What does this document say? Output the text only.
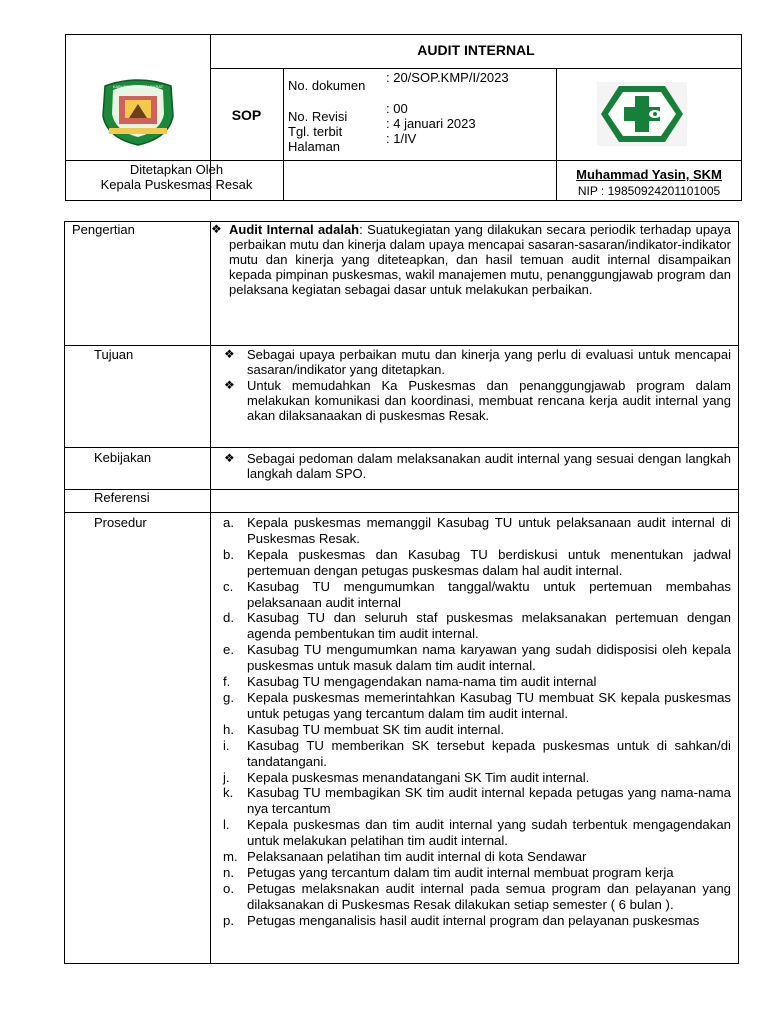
AUDIT INTERNAL
KABUPATEN KUTAI BARAT
SOP
No. dokumen
: 20/SOP.KMP/I/2023
No. Revisi
: 00
Tgl. terbit
: 4 januari 2023
Halaman
: 1/IV
Ditetapkan Oleh
Kepala Puskesmas Resak
Muhammad Yasin, SKM
NIP : 19850924201101005
Pengertian	❖ Audit Internal adalah: Suatukegiatan yang dilakukan secara periodik terhadap upaya perbaikan mutu dan kinerja dalam upaya mencapai sasaran-sasaran/indikator-indikator mutu dan kinerja yang diteteapkan, dan hasil temuan audit internal disampaikan kepada pimpinan puskesmas, wakil manajemen mutu, penanggungjawab program dan pelaksana kegiatan sebagai dasar untuk melakukan perbaikan.
Tujuan	❖ Sebagai upaya perbaikan mutu dan kinerja yang perlu di evaluasi untuk mencapai sasaran/indikator yang ditetapkan.
❖ Untuk memudahkan Ka Puskesmas dan penanggungjawab program dalam melakukan komunikasi dan koordinasi, membuat rencana kerja audit internal yang akan dilaksanaakan di puskesmas Resak.
Kebijakan	❖ Sebagai pedoman dalam melaksanakan audit internal yang sesuai dengan langkah langkah dalam SPO.
Referensi
Prosedur	a. Kepala puskesmas memanggil Kasubag TU untuk pelaksanaan audit internal di Puskesmas Resak.
b. Kepala puskesmas dan Kasubag TU berdiskusi untuk menentukan jadwal pertemuan dengan petugas puskesmas dalam hal audit internal.
c. Kasubag TU mengumumkan tanggal/waktu untuk pertemuan membahas pelaksanaan audit internal
d. Kasubag TU dan seluruh staf puskesmas melaksanakan pertemuan dengan agenda pembentukan tim audit internal.
e. Kasubag TU mengumumkan nama karyawan yang sudah didisposisi oleh kepala puskesmas untuk masuk dalam tim audit internal.
f. Kasubag TU mengagendakan nama-nama tim audit internal
g. Kepala puskesmas memerintahkan Kasubag TU membuat SK kepala puskesmas untuk petugas yang tercantum dalam tim audit internal.
h. Kasubag TU membuat SK tim audit internal.
i. Kasubag TU memberikan SK tersebut kepada puskesmas untuk di sahkan/di tandatangani.
j. Kepala puskesmas menandatangani SK Tim audit internal.
k. Kasubag TU membagikan SK tim audit internal kepada petugas yang nama-nama nya tercantum
l. Kepala puskesmas dan tim audit internal yang sudah terbentuk mengagendakan untuk melakukan pelatihan tim audit internal.
m. Pelaksanaan pelatihan tim audit internal di kota Sendawar
n. Petugas yang tercantum dalam tim audit internal membuat program kerja
o. Petugas melaksnakan audit internal pada semua program dan pelayanan yang dilaksanakan di Puskesmas Resak dilakukan setiap semester ( 6 bulan ).
p. Petugas menganalisis hasil audit internal program dan pelayanan puskesmas
